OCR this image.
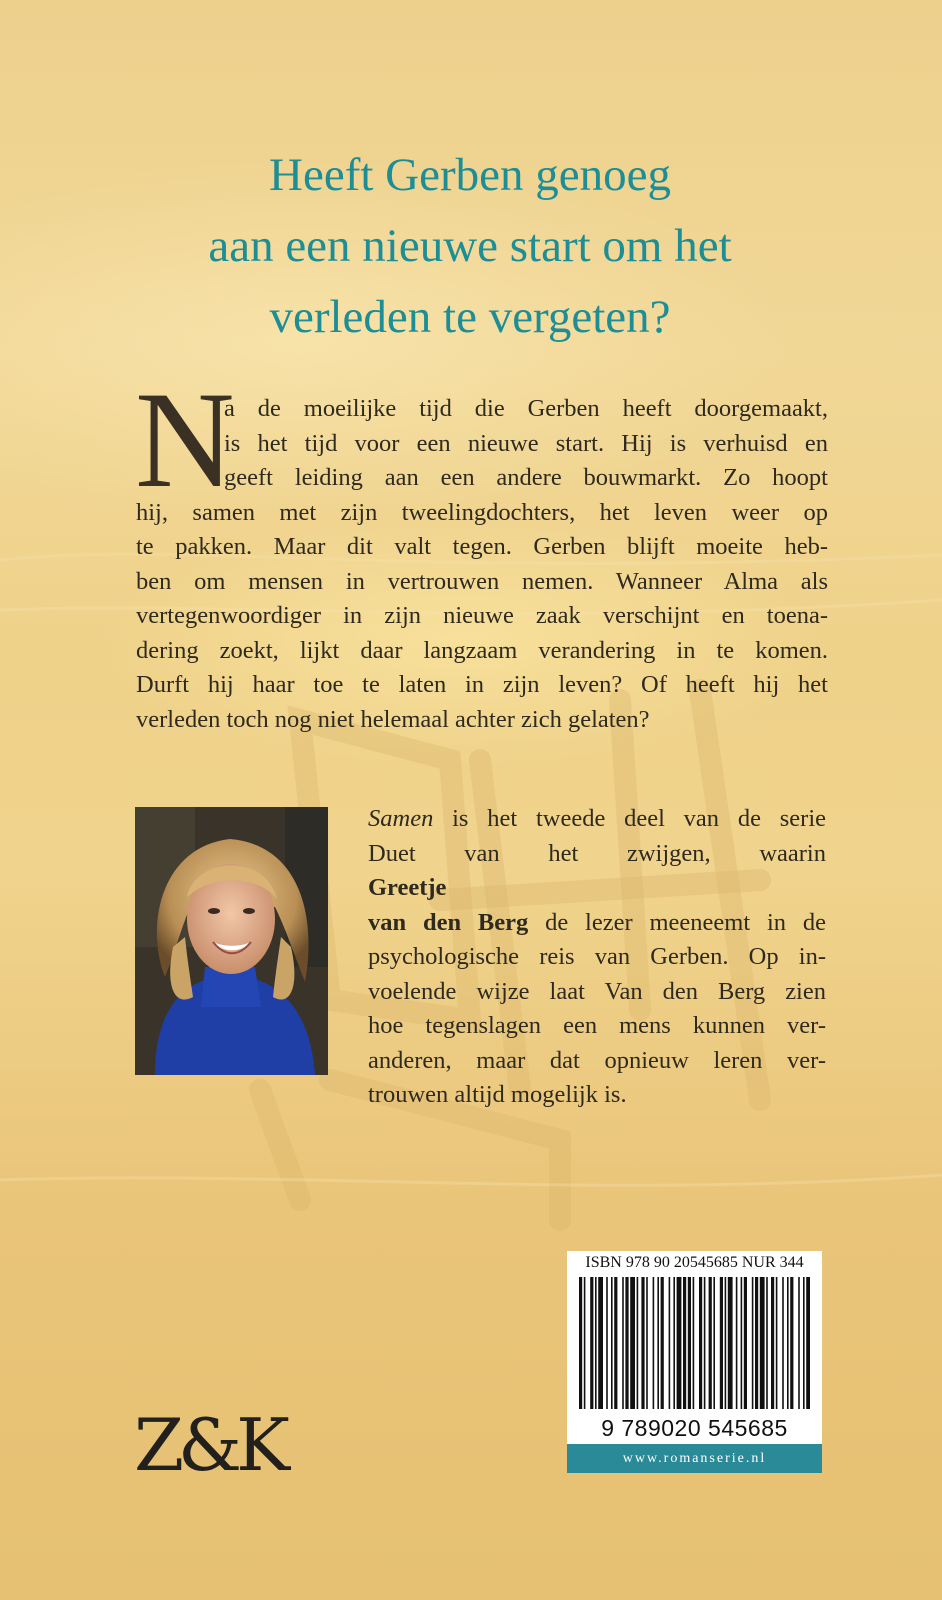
Heeft Gerben genoeg
aan een nieuwe start om het
verleden te vergeten?
N
a de moeilijke tijd die Gerben heeft doorgemaakt,
is het tijd voor een nieuwe start. Hij is verhuisd en
geeft leiding aan een andere bouwmarkt. Zo hoopt
hij, samen met zijn tweelingdochters, het leven weer op
te pakken. Maar dit valt tegen. Gerben blijft moeite heb-
ben om mensen in vertrouwen nemen. Wanneer Alma als
vertegenwoordiger in zijn nieuwe zaak verschijnt en toena-
dering zoekt, lijkt daar langzaam verandering in te komen.
Durft hij haar toe te laten in zijn leven? Of heeft hij het
verleden toch nog niet helemaal achter zich gelaten?
Samen is het tweede deel van de serie
Duet van het zwijgen, waarin
Greetje
van den Berg de lezer meeneemt in de
psychologische reis van Gerben. Op in-
voelende wijze laat Van den Berg zien
hoe tegenslagen een mens kunnen ver-
anderen, maar dat opnieuw leren ver-
trouwen altijd mogelijk is.
ISBN 978 90 20545685 NUR 344
9 789020 545685
www.romanserie.nl
Z&K
